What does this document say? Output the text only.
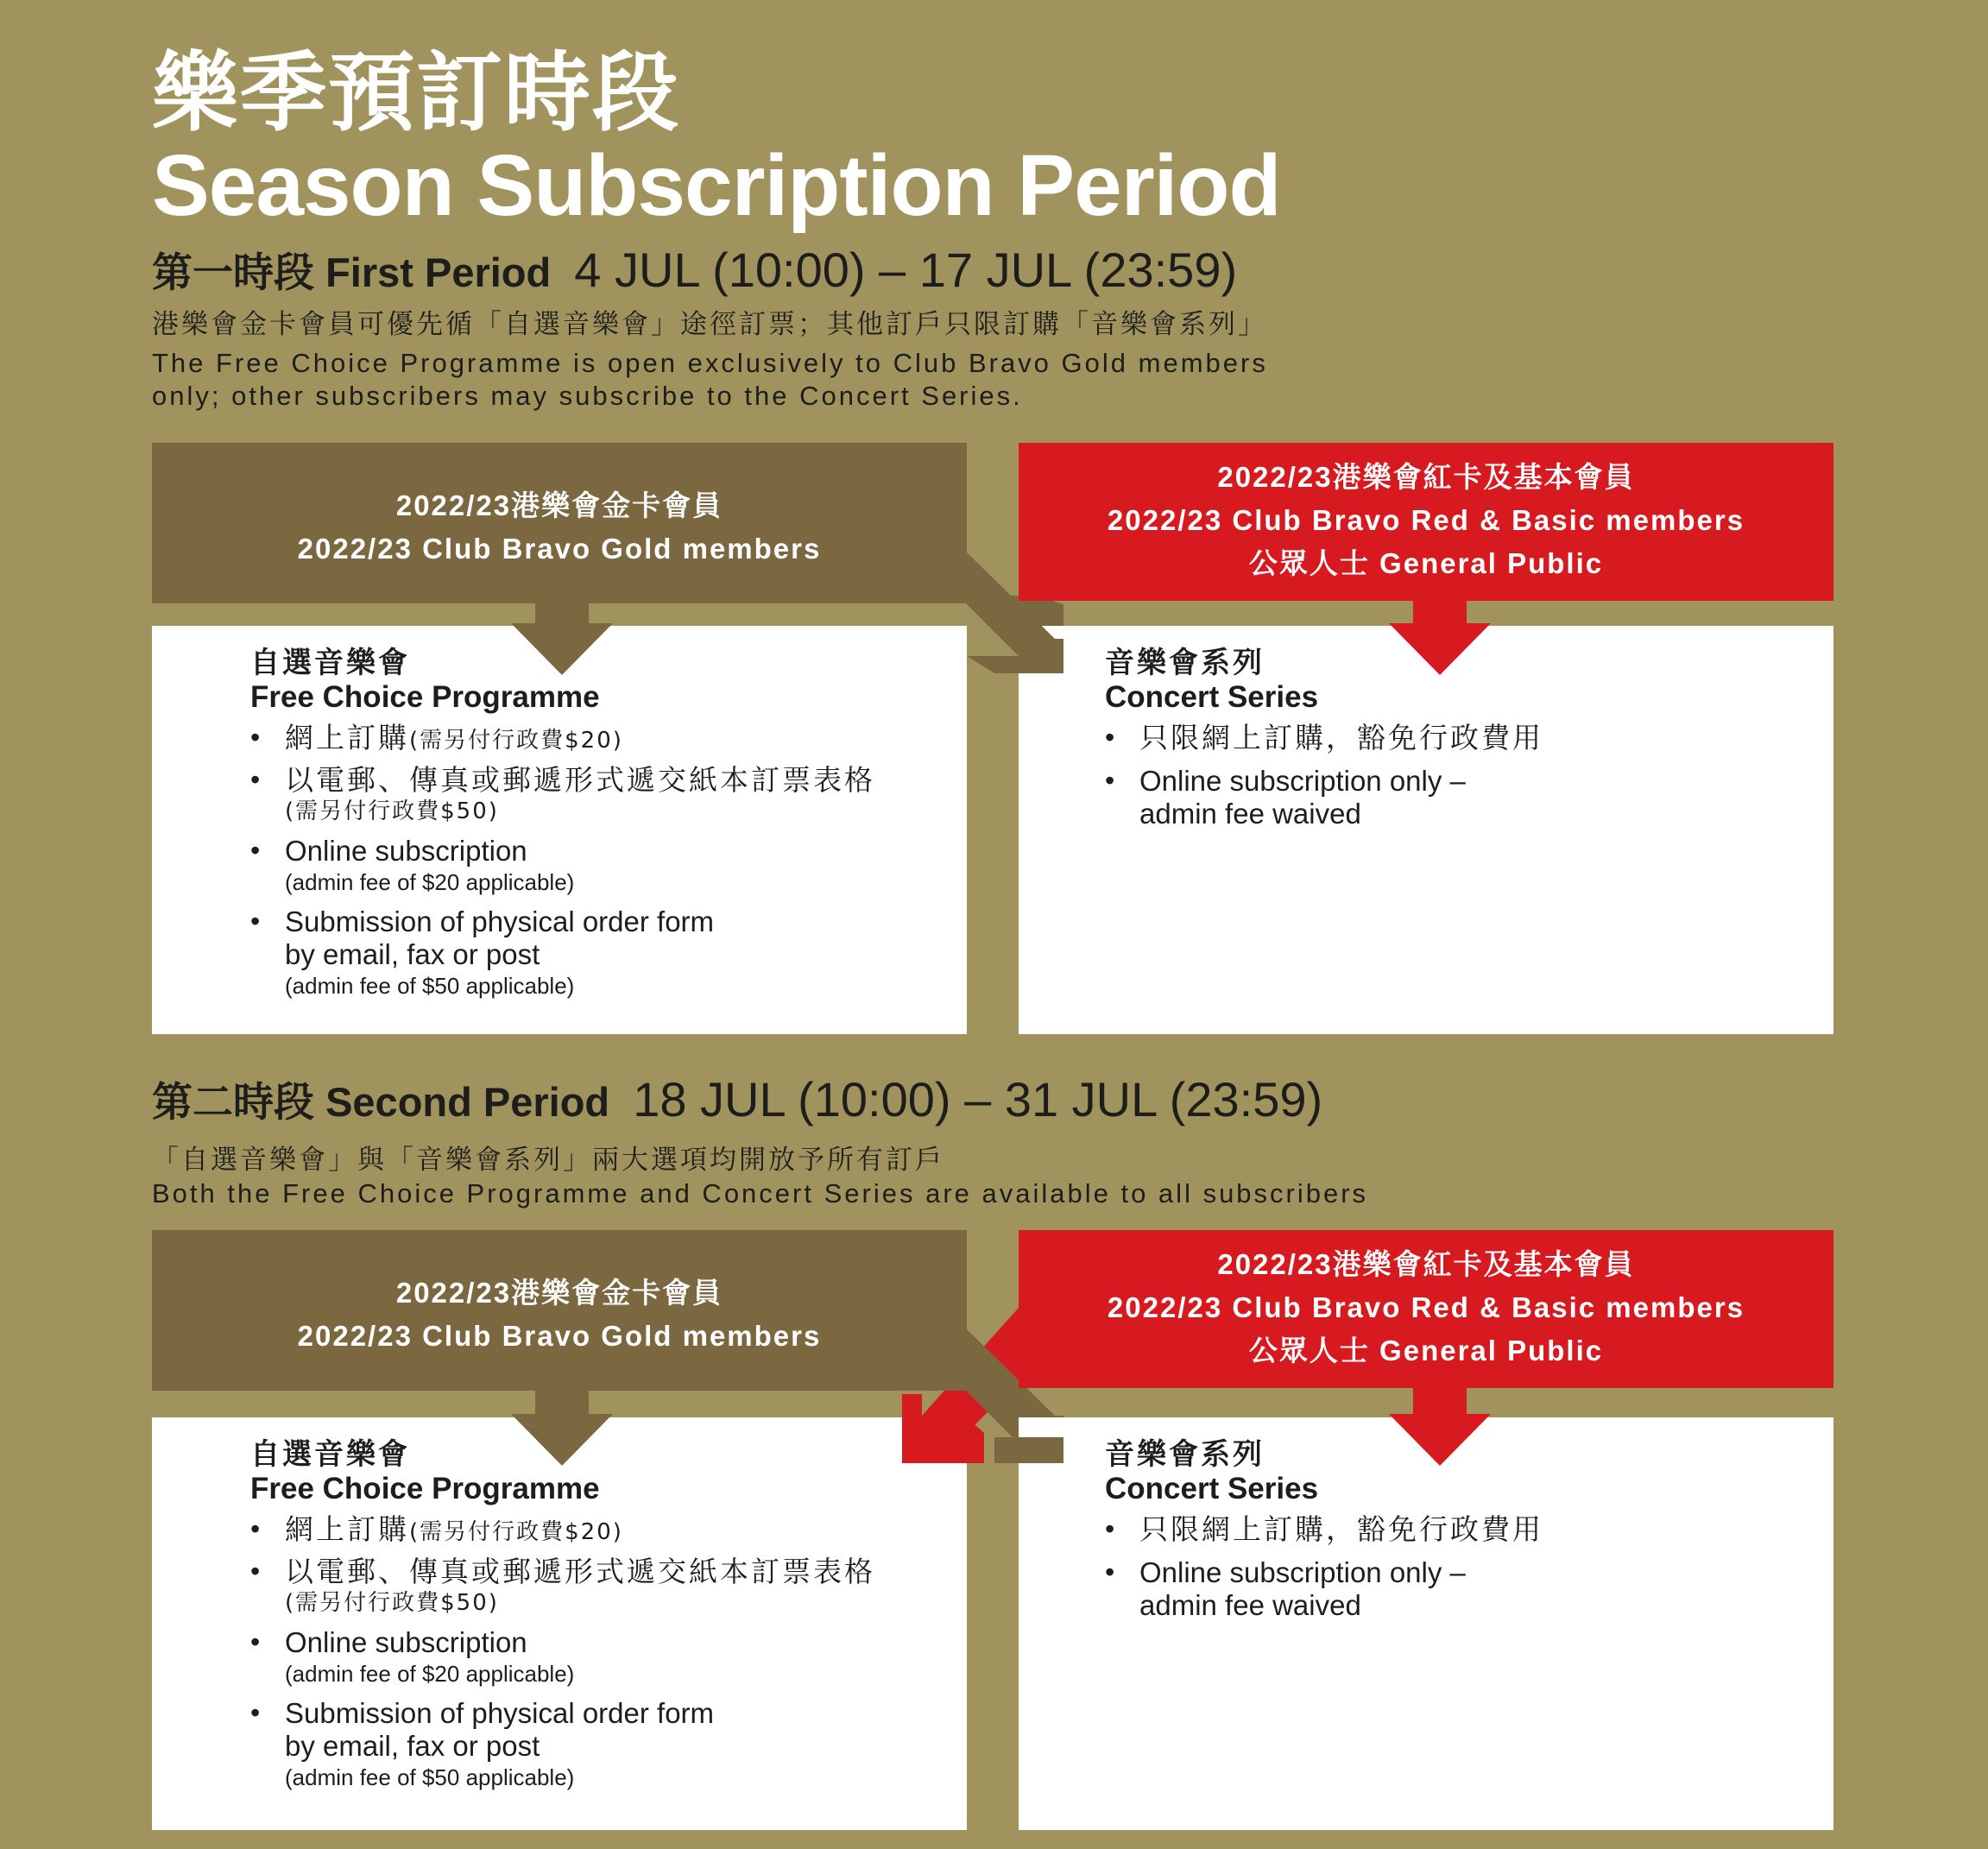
樂季預訂時段
Season Subscription Period
第一時段 First Period 4 JUL (10:00) – 17 JUL (23:59)
港樂會金卡會員可優先循「自選音樂會」途徑訂票；其他訂戶只限訂購「音樂會系列」
The Free Choice Programme is open exclusively to Club Bravo Gold members
only; other subscribers may subscribe to the Concert Series.
2022/23港樂會金卡會員
2022/23 Club Bravo Gold members
2022/23港樂會紅卡及基本會員
2022/23 Club Bravo Red & Basic members
公眾人士 General Public
自選音樂會
Free Choice Programme
• 網上訂購(需另付行政費$20)
• 以電郵、傳真或郵遞形式遞交紙本訂票表格
(需另付行政費$50)
• Online subscription
(admin fee of $20 applicable)
• Submission of physical order form
by email, fax or post
(admin fee of $50 applicable)
音樂會系列
Concert Series
• 只限網上訂購，豁免行政費用
• Online subscription only –
admin fee waived
第二時段 Second Period 18 JUL (10:00) – 31 JUL (23:59)
「自選音樂會」與「音樂會系列」兩大選項均開放予所有訂戶
Both the Free Choice Programme and Concert Series are available to all subscribers
2022/23港樂會金卡會員
2022/23 Club Bravo Gold members
2022/23港樂會紅卡及基本會員
2022/23 Club Bravo Red & Basic members
公眾人士 General Public
自選音樂會
Free Choice Programme
• 網上訂購(需另付行政費$20)
• 以電郵、傳真或郵遞形式遞交紙本訂票表格
(需另付行政費$50)
• Online subscription
(admin fee of $20 applicable)
• Submission of physical order form
by email, fax or post
(admin fee of $50 applicable)
音樂會系列
Concert Series
• 只限網上訂購，豁免行政費用
• Online subscription only –
admin fee waived
